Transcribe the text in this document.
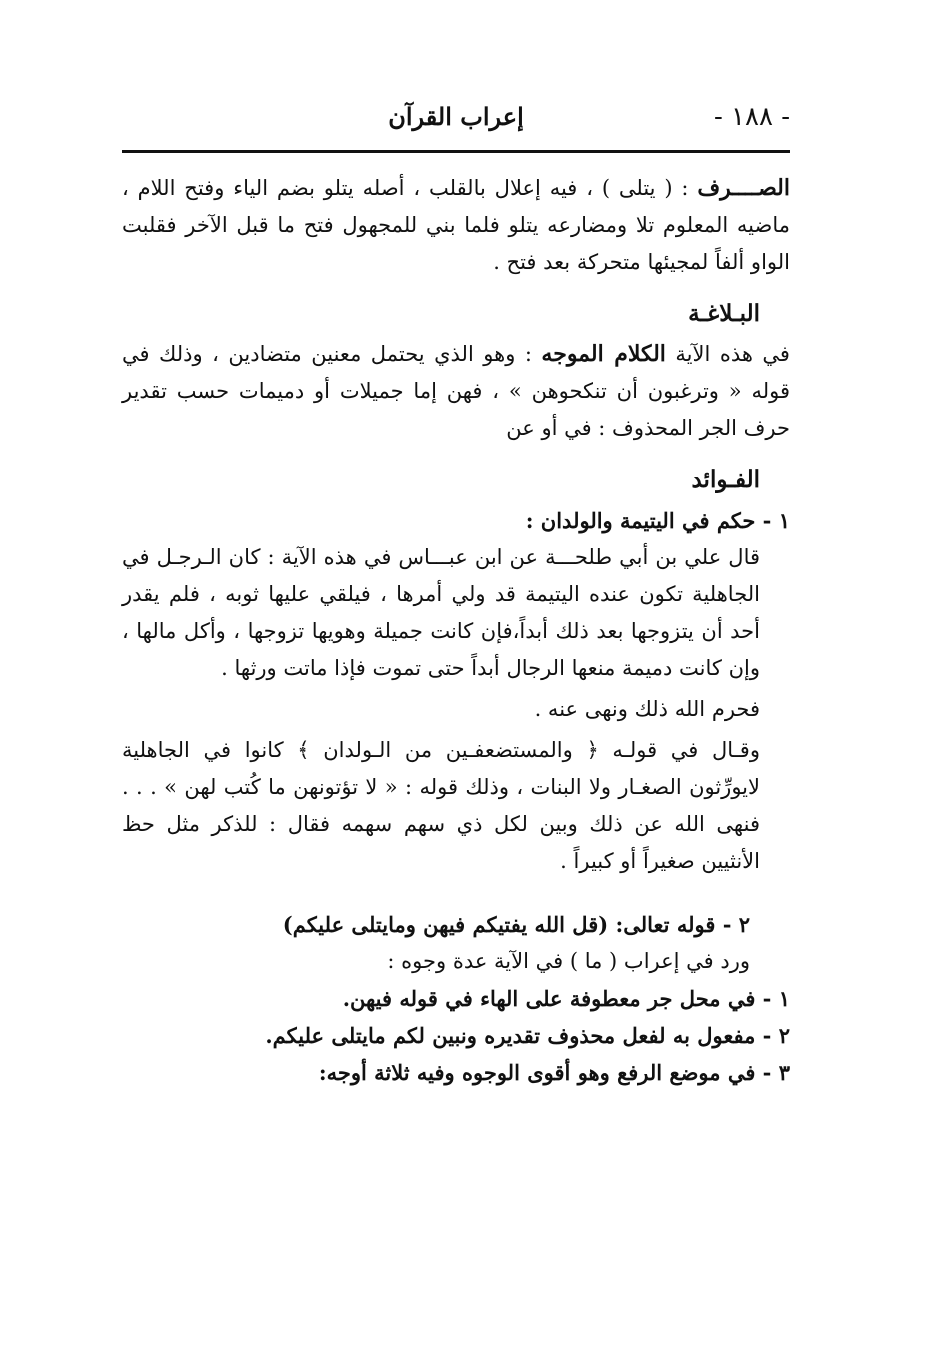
- ١٨٨ -
إعراب القرآن

الصــــرف : ( يتلى ) ، فيه إعلال بالقلب ، أصله يتلو بضم الياء وفتح اللام ، ماضيه المعلوم تلا ومضارعه يتلو فلما بني للمجهول فتح ما قبل الآخر فقلبت الواو ألفاً لمجيئها متحركة بعد فتح .

البـلاغـة

في هذه الآية الكلام الموجه : وهو الذي يحتمل معنين متضادين ، وذلك في قوله « وترغبون أن تنكحوهن » ، فهن إما جميلات أو دميمات حسب تقدير حرف الجر المحذوف : في أو عن

الفـوائد
١ - حكم في اليتيمة والولدان :

قال علي بن أبي طلحـــة عن ابن عبـــاس في هذه الآية : كان الـرجـل في الجاهلية تكون عنده اليتيمة قد ولي أمرها ، فيلقي عليها ثوبه ، فلم يقدر أحد أن يتزوجها بعد ذلك أبداً،فإن كانت جميلة وهويها تزوجها ، وأكل مالها ، وإن كانت دميمة منعها الرجال أبداً حتى تموت فإذا ماتت ورثها .

فحرم الله ذلك ونهى عنه .

وقـال في قولـه ﴿ والمستضعفـين من الـولدان ﴾ كانوا في الجاهلية لايورِّثون الصغـار ولا البنات ، وذلك قوله : « لا تؤتونهن ما كُتب لهن » . . . فنهى الله عن ذلك وبين لكل ذي سهم سهمه فقال : للذكر مثل حظ الأنثيين صغيراً أو كبيراً .

٢ - قوله تعالى: (قل الله يفتيكم فيهن ومايتلى عليكم)
ورد في إعراب ( ما ) في الآية عدة وجوه :
١ - في محل جر معطوفة على الهاء في قوله فيهن.
٢ - مفعول به لفعل محذوف تقديره ونبين لكم مايتلى عليكم.
٣ - في موضع الرفع وهو أقوى الوجوه وفيه ثلاثة أوجه:
